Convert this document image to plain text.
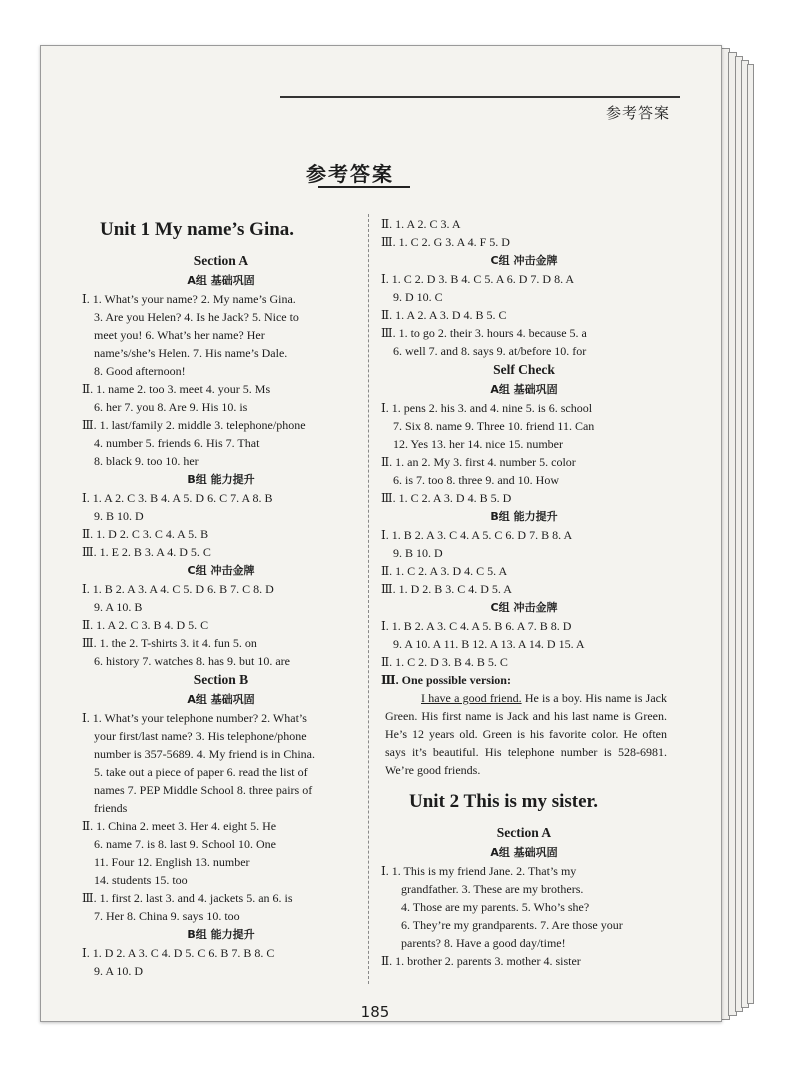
参考答案
参考答案
Unit 1 My name’s Gina.
Section A
A组 基础巩固
Ⅰ. 1. What’s your name? 2. My name’s Gina.
3. Are you Helen? 4. Is he Jack? 5. Nice to
meet you! 6. What’s her name? Her
name’s/she’s Helen. 7. His name’s Dale.
8. Good afternoon!
Ⅱ. 1. name 2. too 3. meet 4. your 5. Ms
6. her 7. you 8. Are 9. His 10. is
Ⅲ. 1. last/family 2. middle 3. telephone/phone
4. number 5. friends 6. His 7. That
8. black 9. too 10. her
B组 能力提升
Ⅰ. 1. A 2. C 3. B 4. A 5. D 6. C 7. A 8. B
9. B 10. D
Ⅱ. 1. D 2. C 3. C 4. A 5. B
Ⅲ. 1. E 2. B 3. A 4. D 5. C
C组 冲击金牌
Ⅰ. 1. B 2. A 3. A 4. C 5. D 6. B 7. C 8. D
9. A 10. B
Ⅱ. 1. A 2. C 3. B 4. D 5. C
Ⅲ. 1. the 2. T-shirts 3. it 4. fun 5. on
6. history 7. watches 8. has 9. but 10. are
Section B
A组 基础巩固
Ⅰ. 1. What’s your telephone number? 2. What’s
your first/last name? 3. His telephone/phone
number is 357-5689. 4. My friend is in China.
5. take out a piece of paper 6. read the list of
names 7. PEP Middle School 8. three pairs of
friends
Ⅱ. 1. China 2. meet 3. Her 4. eight 5. He
6. name 7. is 8. last 9. School 10. One
11. Four 12. English 13. number
14. students 15. too
Ⅲ. 1. first 2. last 3. and 4. jackets 5. an 6. is
7. Her 8. China 9. says 10. too
B组 能力提升
Ⅰ. 1. D 2. A 3. C 4. D 5. C 6. B 7. B 8. C
9. A 10. D
Ⅱ. 1. A 2. C 3. A
Ⅲ. 1. C 2. G 3. A 4. F 5. D
C组 冲击金牌
Ⅰ. 1. C 2. D 3. B 4. C 5. A 6. D 7. D 8. A
9. D 10. C
Ⅱ. 1. A 2. A 3. D 4. B 5. C
Ⅲ. 1. to go 2. their 3. hours 4. because 5. a
6. well 7. and 8. says 9. at/before 10. for
Self Check
A组 基础巩固
Ⅰ. 1. pens 2. his 3. and 4. nine 5. is 6. school
7. Six 8. name 9. Three 10. friend 11. Can
12. Yes 13. her 14. nice 15. number
Ⅱ. 1. an 2. My 3. first 4. number 5. color
6. is 7. too 8. three 9. and 10. How
Ⅲ. 1. C 2. A 3. D 4. B 5. D
B组 能力提升
Ⅰ. 1. B 2. A 3. C 4. A 5. C 6. D 7. B 8. A
9. B 10. D
Ⅱ. 1. C 2. A 3. D 4. C 5. A
Ⅲ. 1. D 2. B 3. C 4. D 5. A
C组 冲击金牌
Ⅰ. 1. B 2. A 3. C 4. A 5. B 6. A 7. B 8. D
9. A 10. A 11. B 12. A 13. A 14. D 15. A
Ⅱ. 1. C 2. D 3. B 4. B 5. C
Ⅲ. One possible version:
I have a good friend. He is a boy. His name is Jack Green. His first name is Jack and his last name is Green. He’s 12 years old. Green is his favorite color. He often says it’s beautiful. His telephone number is 528-6981. We’re good friends.
Unit 2 This is my sister.
Section A
A组 基础巩固
Ⅰ. 1. This is my friend Jane. 2. That’s my
grandfather. 3. These are my brothers.
4. Those are my parents. 5. Who’s she?
6. They’re my grandparents. 7. Are those your
parents? 8. Have a good day/time!
Ⅱ. 1. brother 2. parents 3. mother 4. sister
185
